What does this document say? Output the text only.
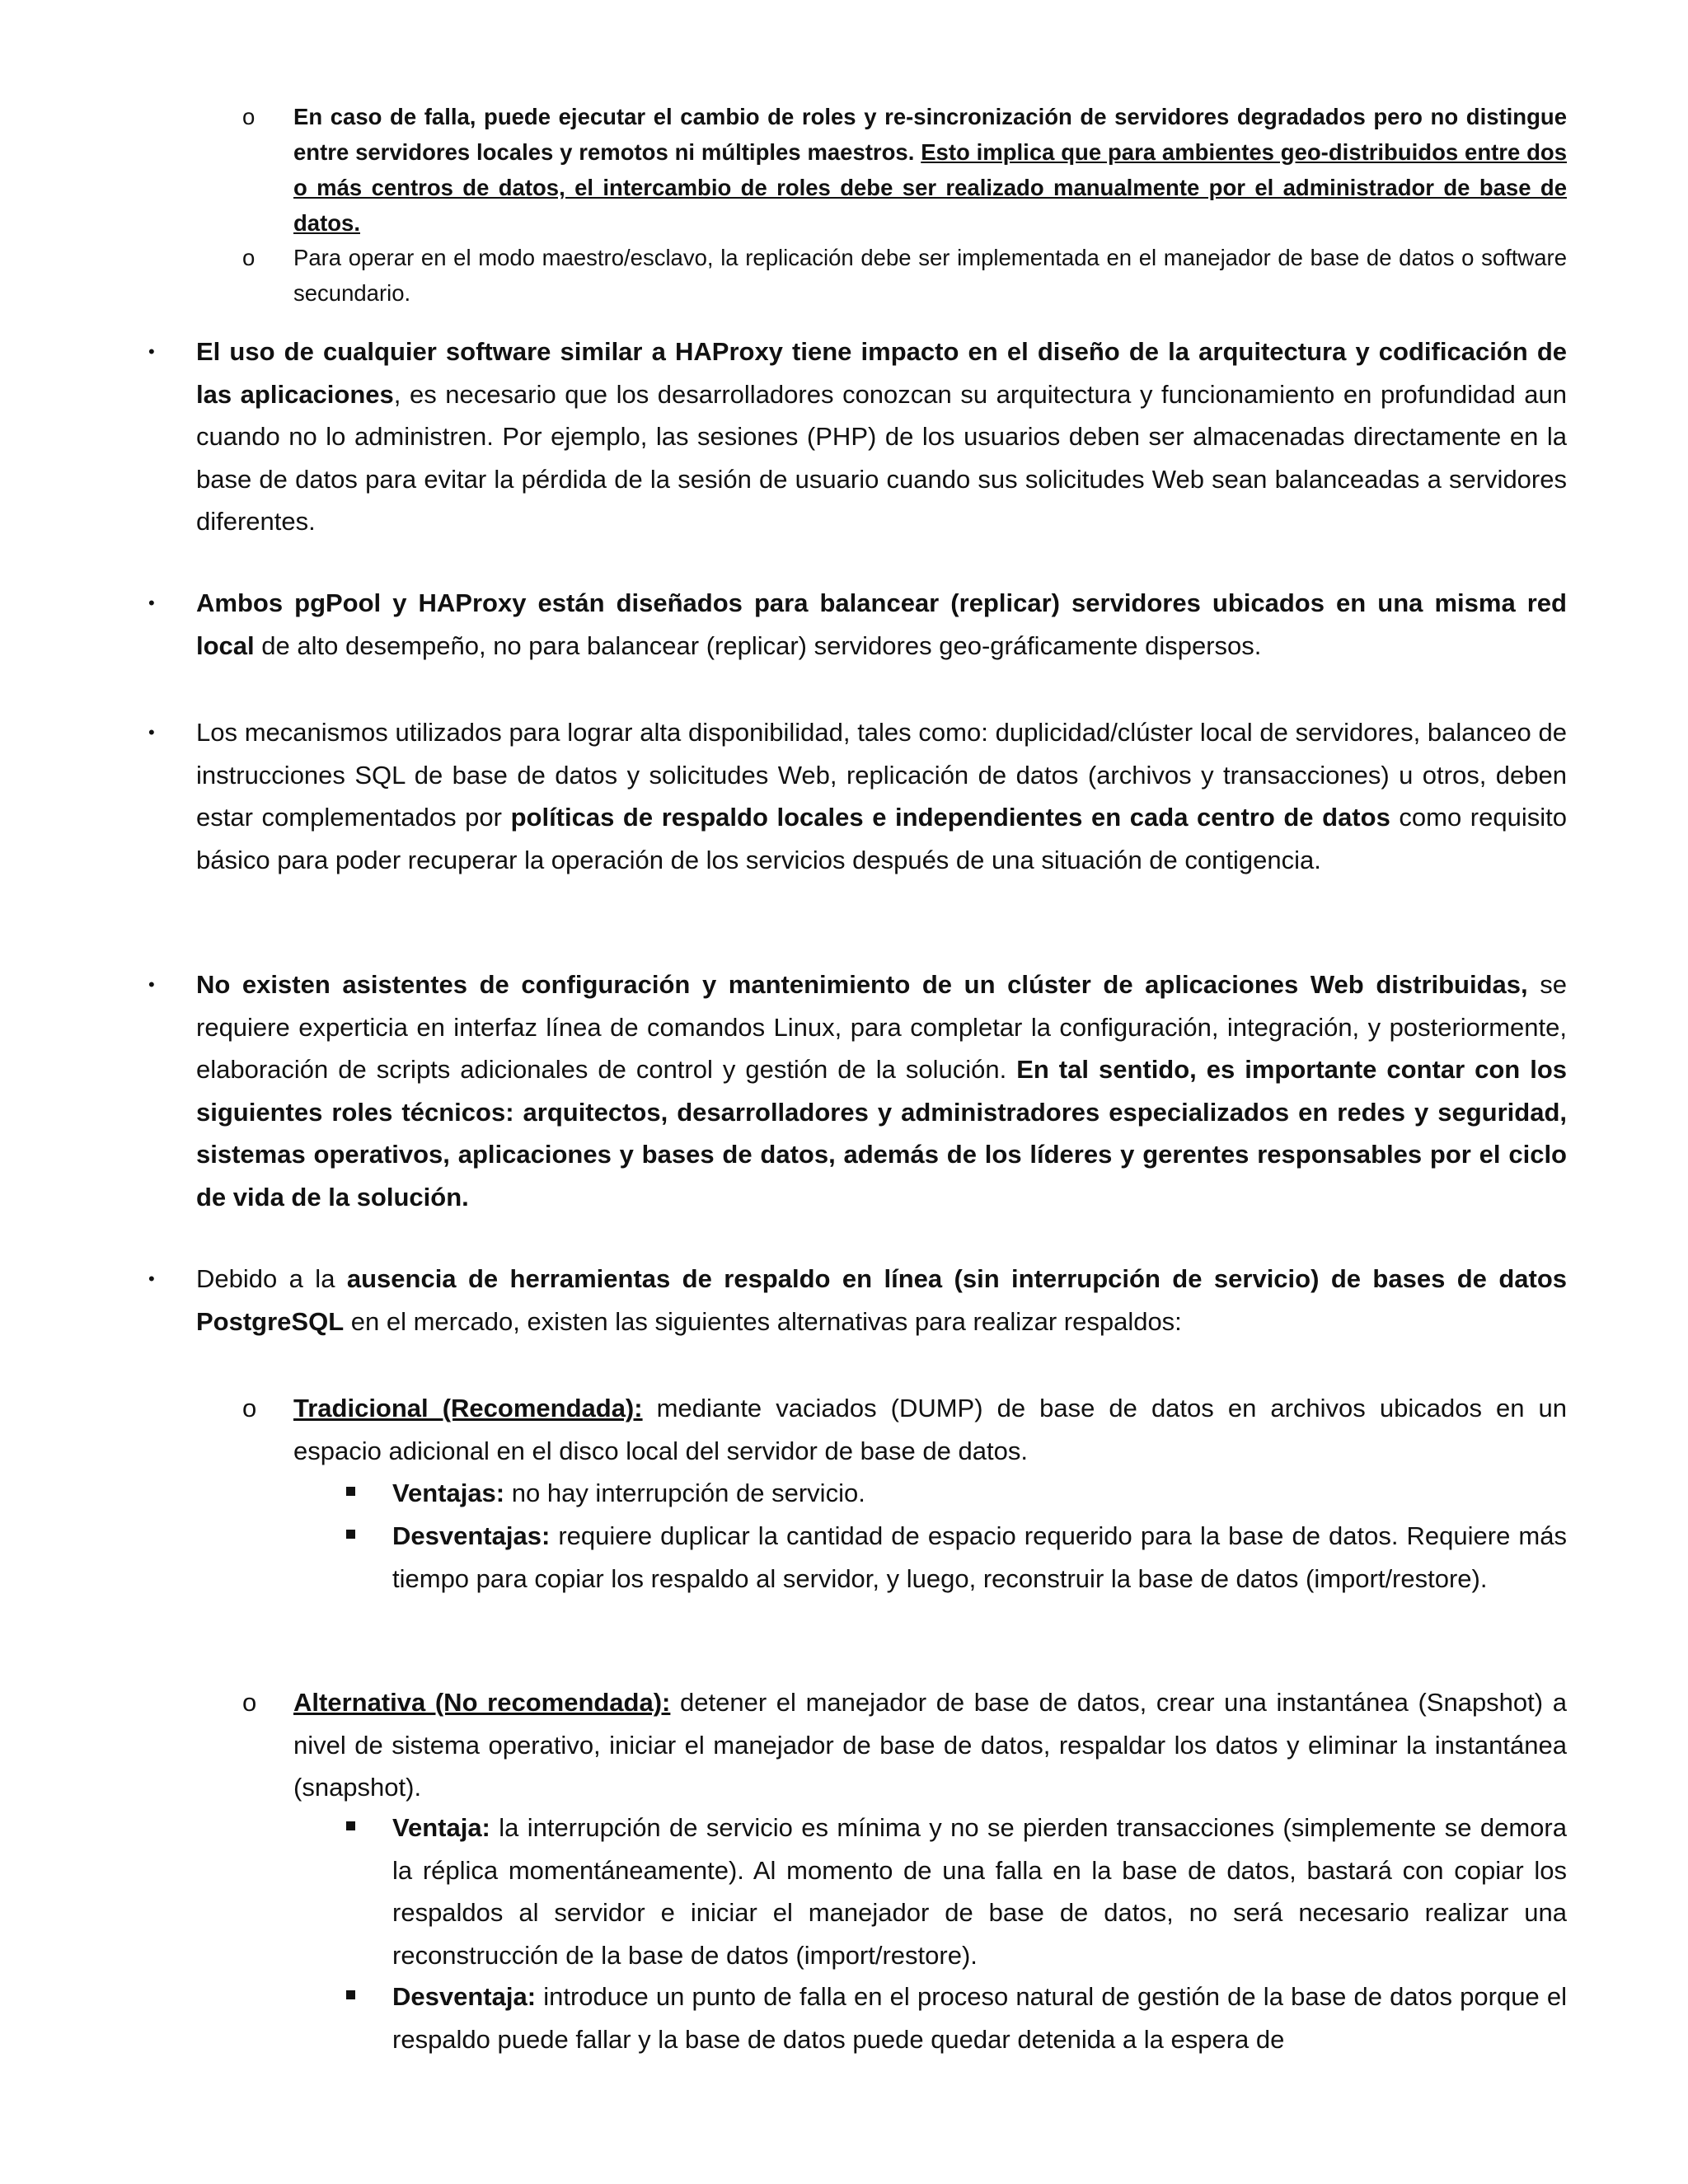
o En caso de falla, puede ejecutar el cambio de roles y re-sincronización de servidores degradados pero no distingue entre servidores locales y remotos ni múltiples maestros. Esto implica que para ambientes geo-distribuidos entre dos o más centros de datos, el intercambio de roles debe ser realizado manualmente por el administrador de base de datos.
o Para operar en el modo maestro/esclavo, la replicación debe ser implementada en el manejador de base de datos o software secundario.
• El uso de cualquier software similar a HAProxy tiene impacto en el diseño de la arquitectura y codificación de las aplicaciones, es necesario que los desarrolladores conozcan su arquitectura y funcionamiento en profundidad aun cuando no lo administren. Por ejemplo, las sesiones (PHP) de los usuarios deben ser almacenadas directamente en la base de datos para evitar la pérdida de la sesión de usuario cuando sus solicitudes Web sean balanceadas a servidores diferentes.
• Ambos pgPool y HAProxy están diseñados para balancear (replicar) servidores ubicados en una misma red local de alto desempeño, no para balancear (replicar) servidores geo-gráficamente dispersos.
• Los mecanismos utilizados para lograr alta disponibilidad, tales como: duplicidad/clúster local de servidores, balanceo de instrucciones SQL de base de datos y solicitudes Web, replicación de datos (archivos y transacciones) u otros, deben estar complementados por políticas de respaldo locales e independientes en cada centro de datos como requisito básico para poder recuperar la operación de los servicios después de una situación de contigencia.
• No existen asistentes de configuración y mantenimiento de un clúster de aplicaciones Web distribuidas, se requiere experticia en interfaz línea de comandos Linux, para completar la configuración, integración, y posteriormente, elaboración de scripts adicionales de control y gestión de la solución. En tal sentido, es importante contar con los siguientes roles técnicos: arquitectos, desarrolladores y administradores especializados en redes y seguridad, sistemas operativos, aplicaciones y bases de datos, además de los líderes y gerentes responsables por el ciclo de vida de la solución.
• Debido a la ausencia de herramientas de respaldo en línea (sin interrupción de servicio) de bases de datos PostgreSQL en el mercado, existen las siguientes alternativas para realizar respaldos:
o Tradicional (Recomendada): mediante vaciados (DUMP) de base de datos en archivos ubicados en un espacio adicional en el disco local del servidor de base de datos.
Ventajas: no hay interrupción de servicio.
Desventajas: requiere duplicar la cantidad de espacio requerido para la base de datos. Requiere más tiempo para copiar los respaldo al servidor, y luego, reconstruir la base de datos (import/restore).
o Alternativa (No recomendada): detener el manejador de base de datos, crear una instantánea (Snapshot) a nivel de sistema operativo, iniciar el manejador de base de datos, respaldar los datos y eliminar la instantánea (snapshot).
Ventaja: la interrupción de servicio es mínima y no se pierden transacciones (simplemente se demora la réplica momentáneamente). Al momento de una falla en la base de datos, bastará con copiar los respaldos al servidor e iniciar el manejador de base de datos, no será necesario realizar una reconstrucción de la base de datos (import/restore).
Desventaja: introduce un punto de falla en el proceso natural de gestión de la base de datos porque el respaldo puede fallar y la base de datos puede quedar detenida a la espera de
